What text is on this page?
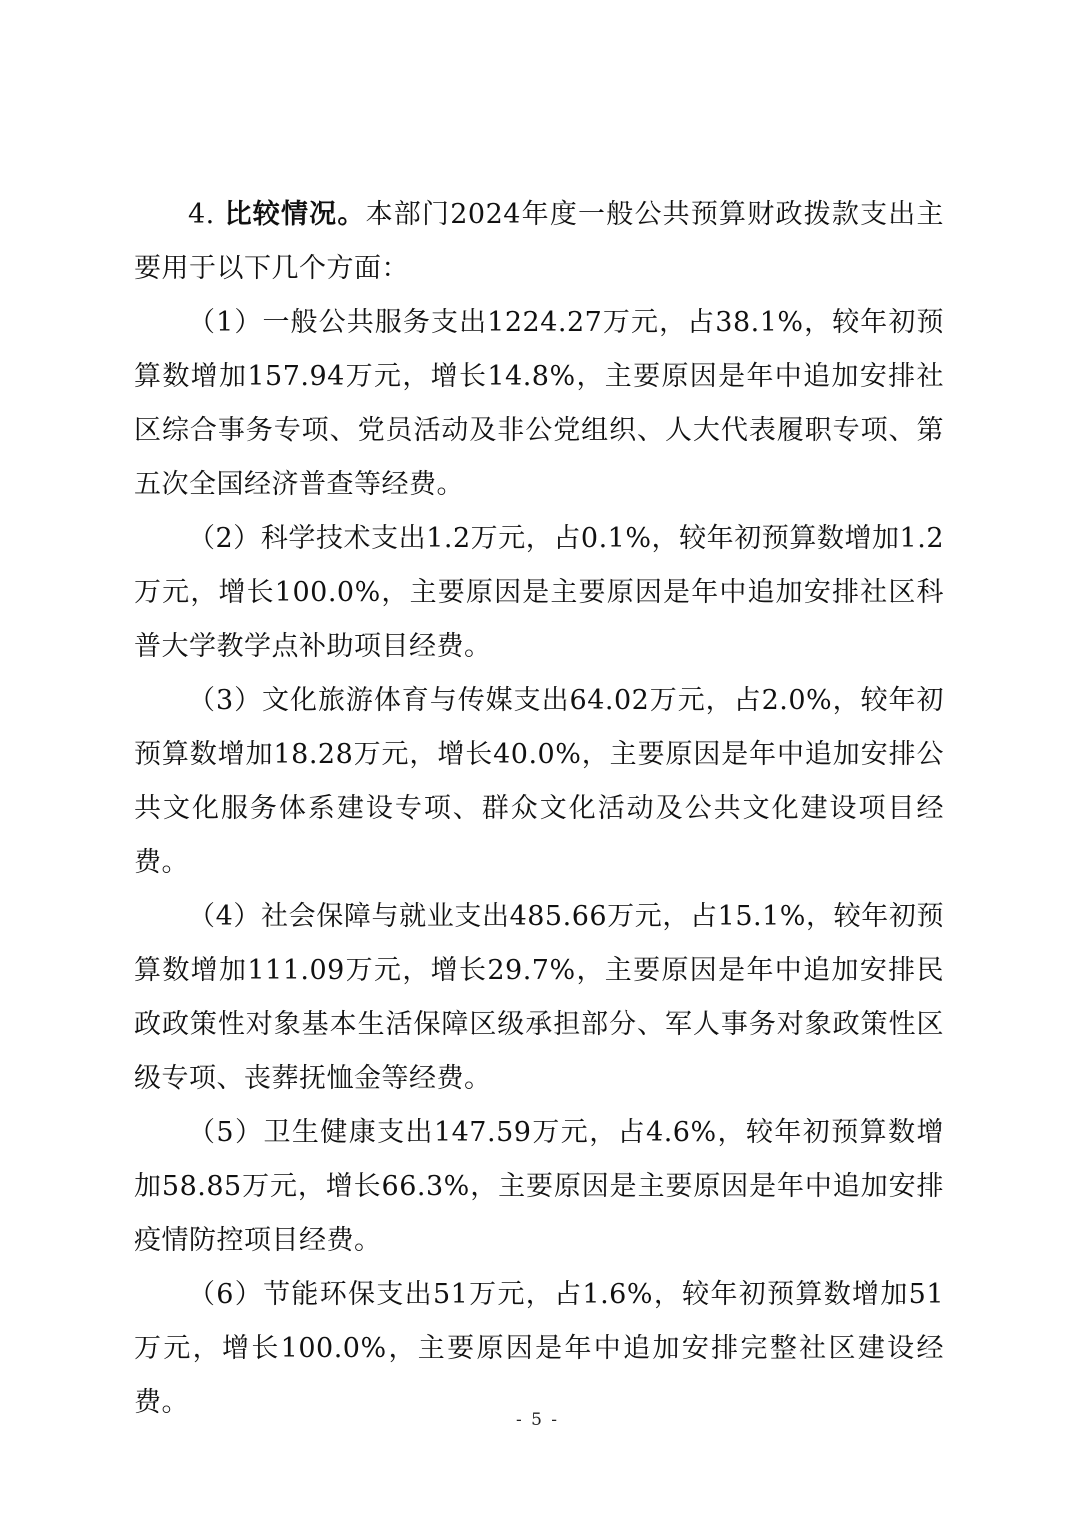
4. 比较情况。本部门2024年度一般公共预算财政拨款支出主要用于以下几个方面：

（1）一般公共服务支出1224.27万元，占38.1%，较年初预算数增加157.94万元，增长14.8%，主要原因是年中追加安排社区综合事务专项、党员活动及非公党组织、人大代表履职专项、第五次全国经济普查等经费。

（2）科学技术支出1.2万元，占0.1%，较年初预算数增加1.2万元，增长100.0%，主要原因是主要原因是年中追加安排社区科普大学教学点补助项目经费。

（3）文化旅游体育与传媒支出64.02万元，占2.0%，较年初预算数增加18.28万元，增长40.0%，主要原因是年中追加安排公共文化服务体系建设专项、群众文化活动及公共文化建设项目经费。

（4）社会保障与就业支出485.66万元，占15.1%，较年初预算数增加111.09万元，增长29.7%，主要原因是年中追加安排民政政策性对象基本生活保障区级承担部分、军人事务对象政策性区级专项、丧葬抚恤金等经费。

（5）卫生健康支出147.59万元，占4.6%，较年初预算数增加58.85万元，增长66.3%，主要原因是主要原因是年中追加安排疫情防控项目经费。

（6）节能环保支出51万元，占1.6%，较年初预算数增加51万元，增长100.0%，主要原因是年中追加安排完整社区建设经费。

- 5 -
